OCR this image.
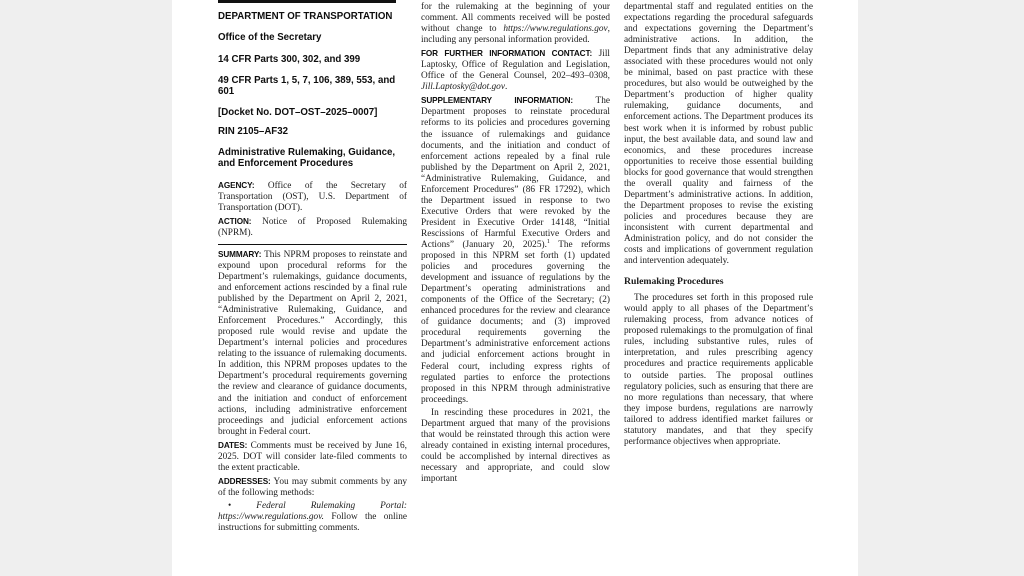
DEPARTMENT OF TRANSPORTATION
Office of the Secretary
14 CFR Parts 300, 302, and 399
49 CFR Parts 1, 5, 7, 106, 389, 553, and 601
[Docket No. DOT–OST–2025–0007]
RIN 2105–AF32
Administrative Rulemaking, Guidance, and Enforcement Procedures
AGENCY: Office of the Secretary of Transportation (OST), U.S. Department of Transportation (DOT).
ACTION: Notice of Proposed Rulemaking (NPRM).
SUMMARY: This NPRM proposes to reinstate and expound upon procedural reforms for the Department’s rulemakings, guidance documents, and enforcement actions rescinded by a final rule published by the Department on April 2, 2021, “Administrative Rulemaking, Guidance, and Enforcement Procedures.” Accordingly, this proposed rule would revise and update the Department’s internal policies and procedures relating to the issuance of rulemaking documents. In addition, this NPRM proposes updates to the Department’s procedural requirements governing the review and clearance of guidance documents, and the initiation and conduct of enforcement actions, including administrative enforcement proceedings and judicial enforcement actions brought in Federal court.
DATES: Comments must be received by June 16, 2025. DOT will consider late-filed comments to the extent practicable.
ADDRESSES: You may submit comments by any of the following methods:
• Federal Rulemaking Portal: https://www.regulations.gov. Follow the online instructions for submitting comments.
for the rulemaking at the beginning of your comment. All comments received will be posted without change to https://www.regulations.gov, including any personal information provided.
FOR FURTHER INFORMATION CONTACT: Jill Laptosky, Office of Regulation and Legislation, Office of the General Counsel, 202–493–0308, Jill.Laptosky@dot.gov.
SUPPLEMENTARY INFORMATION: The Department proposes to reinstate procedural reforms to its policies and procedures governing the issuance of rulemakings and guidance documents, and the initiation and conduct of enforcement actions repealed by a final rule published by the Department on April 2, 2021, “Administrative Rulemaking, Guidance, and Enforcement Procedures” (86 FR 17292), which the Department issued in response to two Executive Orders that were revoked by the President in Executive Order 14148, “Initial Rescissions of Harmful Executive Orders and Actions” (January 20, 2025).$^1$ The reforms proposed in this NPRM set forth (1) updated policies and procedures governing the development and issuance of regulations by the Department’s operating administrations and components of the Office of the Secretary; (2) enhanced procedures for the review and clearance of guidance documents; and (3) improved procedural requirements governing the Department’s administrative enforcement actions and judicial enforcement actions brought in Federal court, including express rights of regulated parties to enforce the protections proposed in this NPRM through administrative proceedings.
In rescinding these procedures in 2021, the Department argued that many of the provisions that would be reinstated through this action were already contained in existing internal procedures, could be accomplished by internal directives as necessary and appropriate, and could slow important
departmental staff and regulated entities on the expectations regarding the procedural safeguards and expectations governing the Department’s administrative actions. In addition, the Department finds that any administrative delay associated with these procedures would not only be minimal, based on past practice with these procedures, but also would be outweighed by the Department’s production of higher quality rulemaking, guidance documents, and enforcement actions. The Department produces its best work when it is informed by robust public input, the best available data, and sound law and economics, and these procedures increase opportunities to receive those essential building blocks for good governance that would strengthen the overall quality and fairness of the Department’s administrative actions. In addition, the Department proposes to revise the existing policies and procedures because they are inconsistent with current departmental and Administration policy, and do not consider the costs and implications of government regulation and intervention adequately.
Rulemaking Procedures
The procedures set forth in this proposed rule would apply to all phases of the Department’s rulemaking process, from advance notices of proposed rulemakings to the promulgation of final rules, including substantive rules, rules of interpretation, and rules prescribing agency procedures and practice requirements applicable to outside parties. The proposal outlines regulatory policies, such as ensuring that there are no more regulations than necessary, that where they impose burdens, regulations are narrowly tailored to address identified market failures or statutory mandates, and that they specify performance objectives when appropriate.
